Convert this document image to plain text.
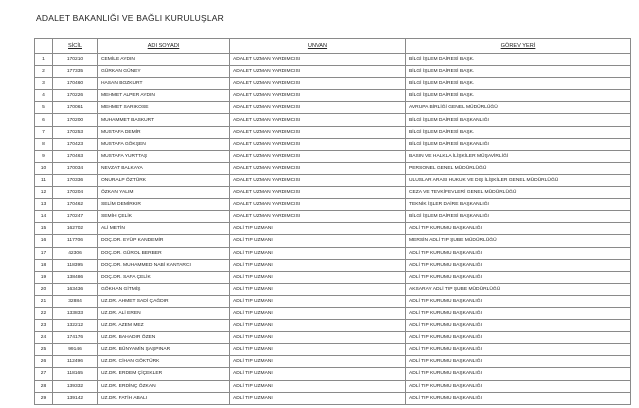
ADALET BAKANLIĞI VE BAĞLI KURULUŞLAR
	SİCİL	ADI SOYADI	UNVAN	GÖREV YERİ
1	170210	CEMİLE AYDIN	ADALET UZMAN YARDIMCISI	BİLGİ İŞLEM DAİRESİ BAŞK.
2	177335	GÜRKAN GÜNEY	ADALET UZMAN YARDIMCISI	BİLGİ İŞLEM DAİRESİ BAŞK.
3	170460	HASAN BOZKURT	ADALET UZMAN YARDIMCISI	BİLGİ İŞLEM DAİRESİ BAŞK.
4	170226	MEHMET ALPER AYDIN	ADALET UZMAN YARDIMCISI	BİLGİ İŞLEM DAİRESİ BAŞK.
5	170061	MEHMET SARIKOSE	ADALET UZMAN YARDIMCISI	AVRUPA BİRLİĞİ GENEL MÜDÜRLÜĞÜ
6	170200	MUHAMMET BASKURT	ADALET UZMAN YARDIMCISI	BİLGİ İŞLEM DAİRESİ BAŞKANLIĞI
7	170253	MUSTAFA DEMİR	ADALET UZMAN YARDIMCISI	BİLGİ İŞLEM DAİRESİ BAŞK.
8	170423	MUSTAFA GÖKŞEN	ADALET UZMAN YARDIMCISI	BİLGİ İŞLEM DAİRESİ BAŞKANLIĞI
9	170463	MUSTAFA YURTTAŞ	ADALET UZMAN YARDIMCISI	BASIN VE HALKLA İLİŞKİLER MÜŞAVİRLİĞİ
10	170034	NEVZAT BALKAYA	ADALET UZMAN YARDIMCISI	PERSONEL GENEL MÜDÜRLÜĞÜ
11	170336	ONURALP ÖZTÜRK	ADALET UZMAN YARDIMCISI	ULUSLAR ARASI HUKUK VE DIŞ İLİŞKİLER GENEL MÜDÜRLÜĞÜ
12	170204	ÖZKAN YALIM	ADALET UZMAN YARDIMCISI	CEZA VE TEVKİFEVLERİ GENEL MÜDÜRLÜĞÜ
13	170462	SELİM DEMİRKIR	ADALET UZMAN YARDIMCISI	TEKNİK İŞLER DAİRE BAŞKANLIĞI
14	170247	SEMİH ÇELİK	ADALET UZMAN YARDIMCISI	BİLGİ İŞLEM DAİRESİ BAŞKANLIĞI
15	162702	ALİ METİN	ADLİ TIP UZMANI	ADLİ TIP KURUMU BAŞKANLIĞI
16	117706	DOÇ.DR. EYÜP KANDEMİR	ADLİ TIP UZMANI	MERSİN ADLİ TIP ŞUBE MÜDÜRLÜĞÜ
17	42306	DOÇ.DR. GÜROL BERBER	ADLİ TIP UZMANI	ADLİ TIP KURUMU BAŞKANLIĞI
18	118395	DOÇ.DR. MUHAMMED NABİ KANTARCI	ADLİ TIP UZMANI	ADLİ TIP KURUMU BAŞKANLIĞI
19	138486	DOÇ.DR. SAFA ÇELİK	ADLİ TIP UZMANI	ADLİ TIP KURUMU BAŞKANLIĞI
20	163436	GÖKHAN GİTMİŞ	ADLİ TIP UZMANI	AKSARAY ADLİ TIP ŞUBE MÜDÜRLÜĞÜ
21	32884	UZ.DR. AHMET SADİ ÇAĞDIR	ADLİ TIP UZMANI	ADLİ TIP KURUMU BAŞKANLIĞI
22	133833	UZ.DR. ALİ EREN	ADLİ TIP UZMANI	ADLİ TIP KURUMU BAŞKANLIĞI
23	132212	UZ.DR. AZEM MEZ	ADLİ TIP UZMANI	ADLİ TIP KURUMU BAŞKANLIĞI
24	174176	UZ.DR. BAHADIR ÖZEN	ADLİ TIP UZMANI	ADLİ TIP KURUMU BAŞKANLIĞI
25	99146	UZ.DR. BÜNYAMİN ŞAŞPINAR	ADLİ TIP UZMANI	ADLİ TIP KURUMU BAŞKANLIĞI
26	112496	UZ.DR. CİHAN GÖKTÜRK	ADLİ TIP UZMANI	ADLİ TIP KURUMU BAŞKANLIĞI
27	118165	UZ.DR. ERDEM ÇİÇEKLER	ADLİ TIP UZMANI	ADLİ TIP KURUMU BAŞKANLIĞI
28	139332	UZ.DR. ERDİNÇ ÖZKAN	ADLİ TIP UZMANI	ADLİ TIP KURUMU BAŞKANLIĞI
29	139142	UZ.DR. FATİH ABALI	ADLİ TIP UZMANI	ADLİ TIP KURUMU BAŞKANLIĞI
